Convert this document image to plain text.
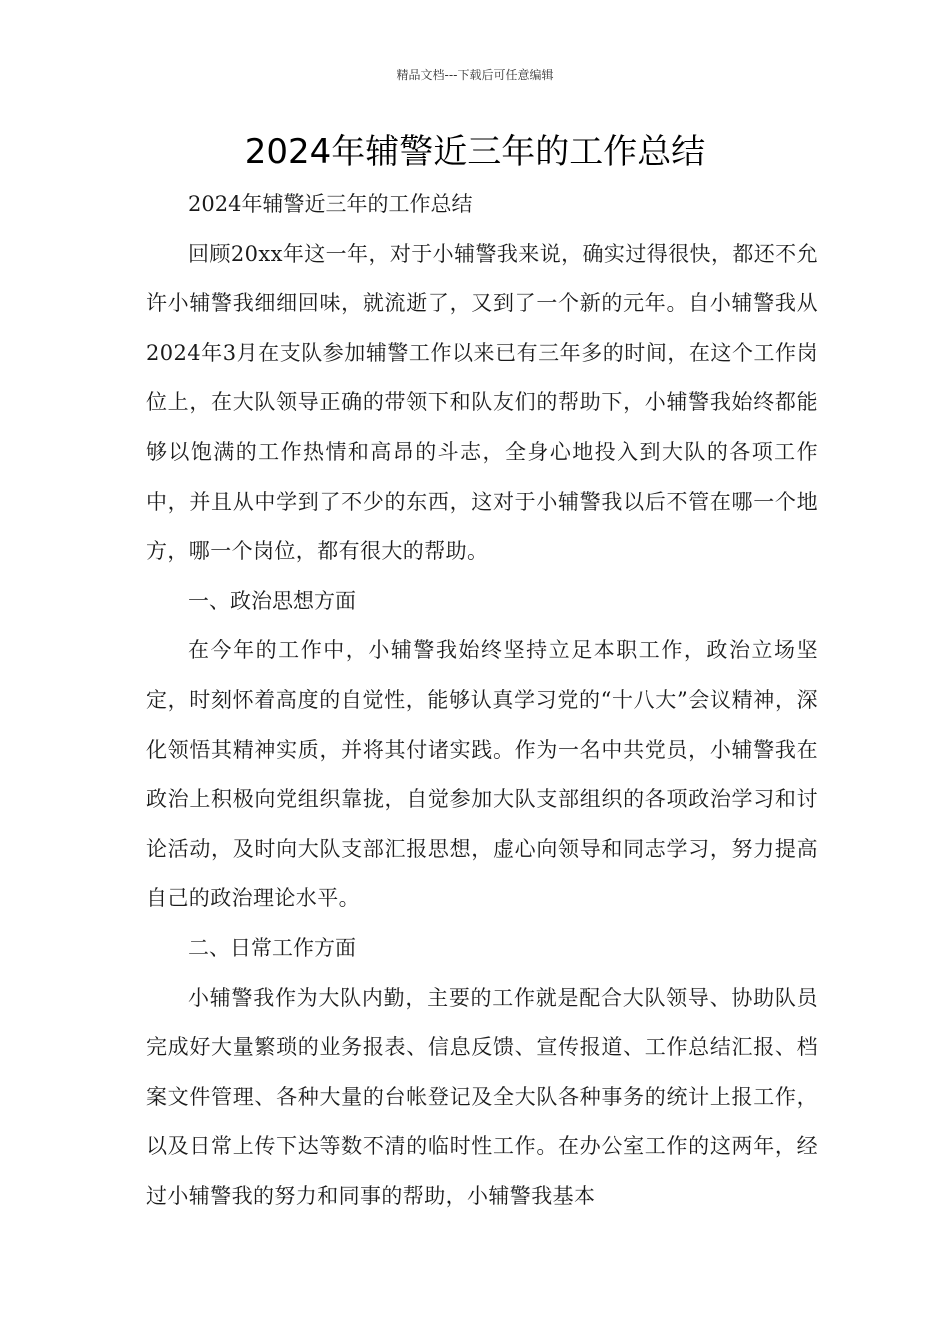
精品文档---下载后可任意编辑
2024年辅警近三年的工作总结

2024年辅警近三年的工作总结

回顾20xx年这一年，对于小辅警我来说，确实过得很快，都还不允许小辅警我细细回味，就流逝了，又到了一个新的元年。自小辅警我从2024年3月在支队参加辅警工作以来已有三年多的时间，在这个工作岗位上，在大队领导正确的带领下和队友们的帮助下，小辅警我始终都能够以饱满的工作热情和高昂的斗志，全身心地投入到大队的各项工作中，并且从中学到了不少的东西，这对于小辅警我以后不管在哪一个地方，哪一个岗位，都有很大的帮助。

一、政治思想方面

在今年的工作中，小辅警我始终坚持立足本职工作，政治立场坚定，时刻怀着高度的自觉性，能够认真学习党的“十八大”会议精神，深化领悟其精神实质，并将其付诸实践。作为一名中共党员，小辅警我在政治上积极向党组织靠拢，自觉参加大队支部组织的各项政治学习和讨论活动，及时向大队支部汇报思想，虚心向领导和同志学习，努力提高自己的政治理论水平。

二、日常工作方面

小辅警我作为大队内勤，主要的工作就是配合大队领导、协助队员完成好大量繁琐的业务报表、信息反馈、宣传报道、工作总结汇报、档案文件管理、各种大量的台帐登记及全大队各种事务的统计上报工作，以及日常上传下达等数不清的临时性工作。在办公室工作的这两年，经过小辅警我的努力和同事的帮助，小辅警我基本
